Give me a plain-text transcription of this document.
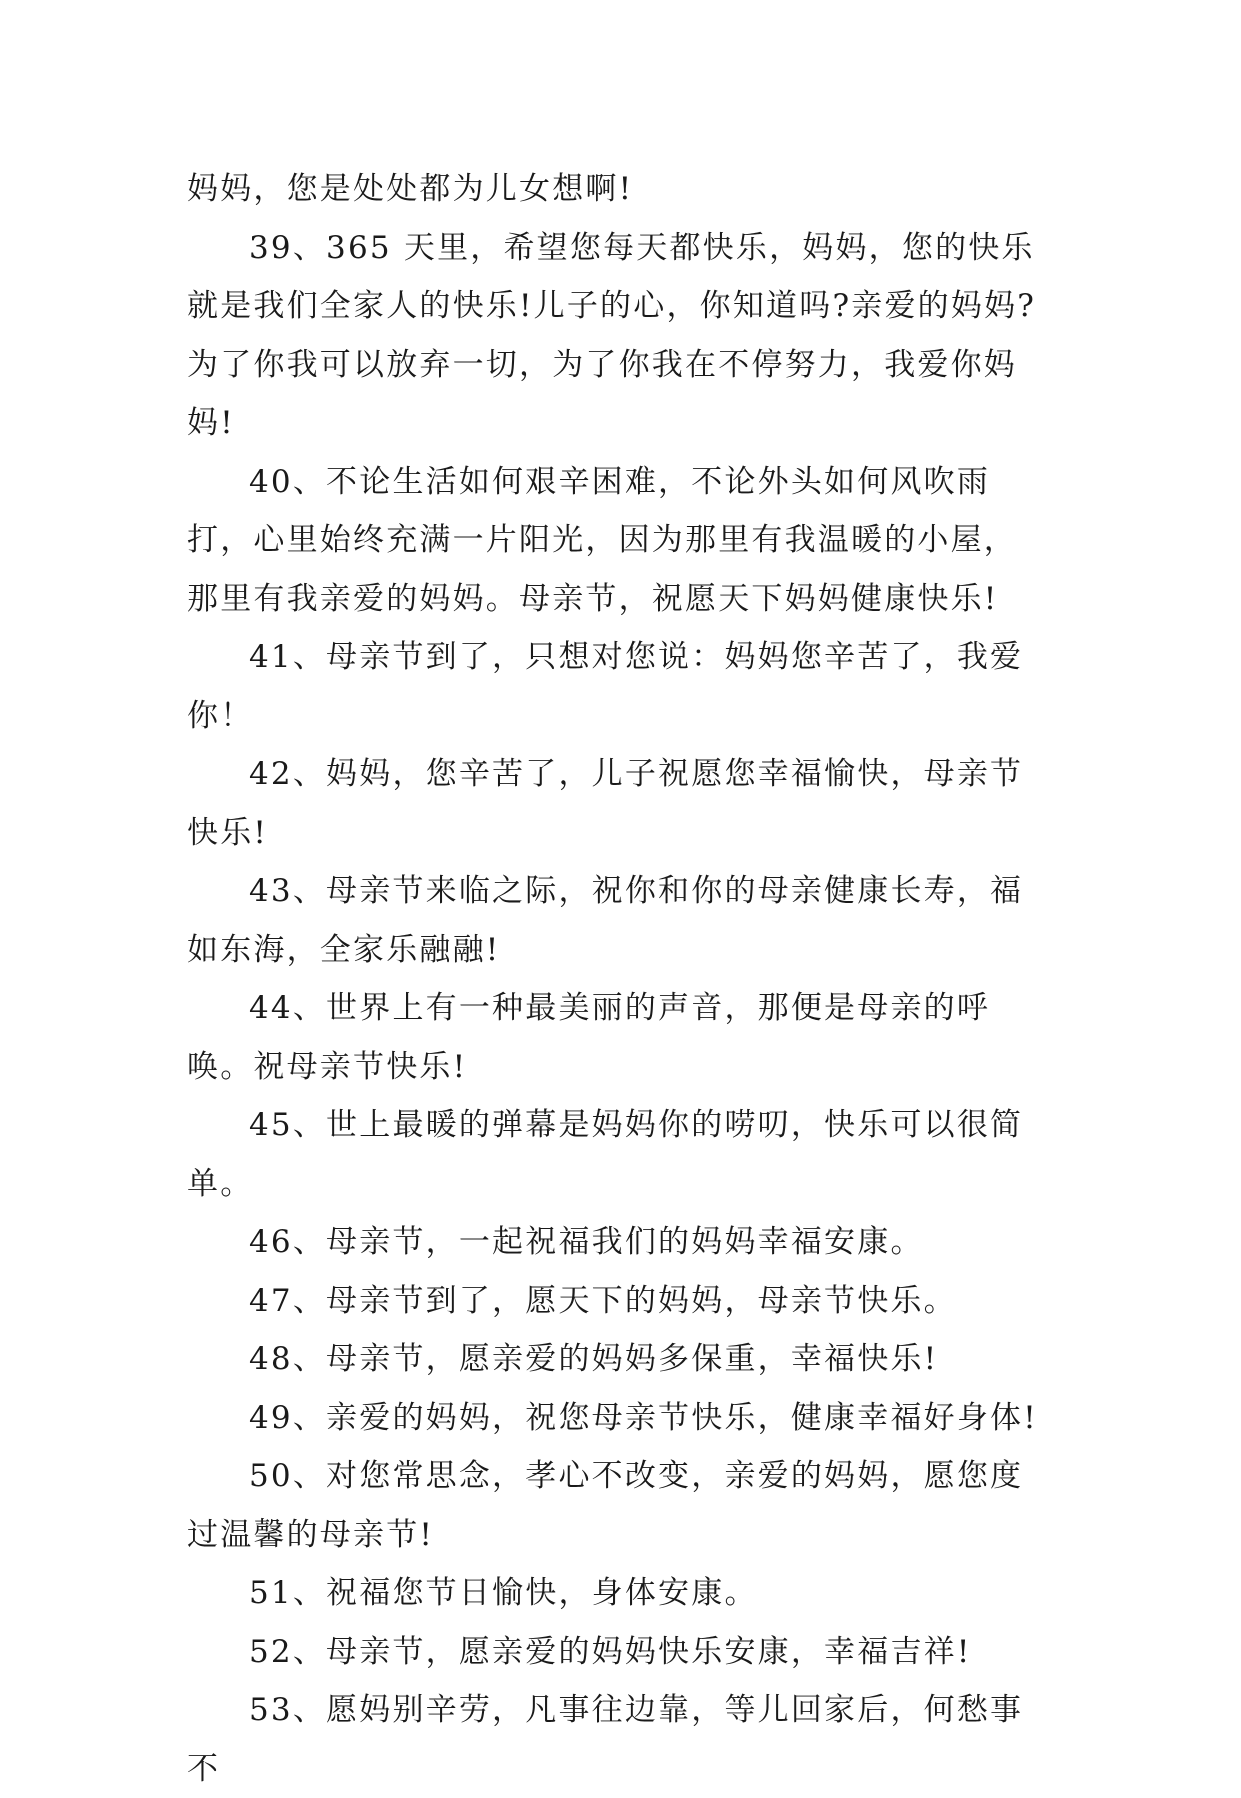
妈妈，您是处处都为儿女想啊!

39、365 天里，希望您每天都快乐，妈妈，您的快乐就是我们全家人的快乐!儿子的心，你知道吗?亲爱的妈妈?为了你我可以放弃一切，为了你我在不停努力，我爱你妈妈!

40、不论生活如何艰辛困难，不论外头如何风吹雨打，心里始终充满一片阳光，因为那里有我温暖的小屋，那里有我亲爱的妈妈。母亲节，祝愿天下妈妈健康快乐!

41、母亲节到了，只想对您说：妈妈您辛苦了，我爱你！

42、妈妈，您辛苦了，儿子祝愿您幸福愉快，母亲节快乐!

43、母亲节来临之际，祝你和你的母亲健康长寿，福如东海，全家乐融融!

44、世界上有一种最美丽的声音，那便是母亲的呼唤。祝母亲节快乐!

45、世上最暖的弹幕是妈妈你的唠叨，快乐可以很简单。

46、母亲节，一起祝福我们的妈妈幸福安康。

47、母亲节到了，愿天下的妈妈，母亲节快乐。

48、母亲节，愿亲爱的妈妈多保重，幸福快乐!

49、亲爱的妈妈，祝您母亲节快乐，健康幸福好身体!

50、对您常思念，孝心不改变，亲爱的妈妈，愿您度过温馨的母亲节!

51、祝福您节日愉快，身体安康。

52、母亲节，愿亲爱的妈妈快乐安康，幸福吉祥!

53、愿妈别辛劳，凡事往边靠，等儿回家后，何愁事不
